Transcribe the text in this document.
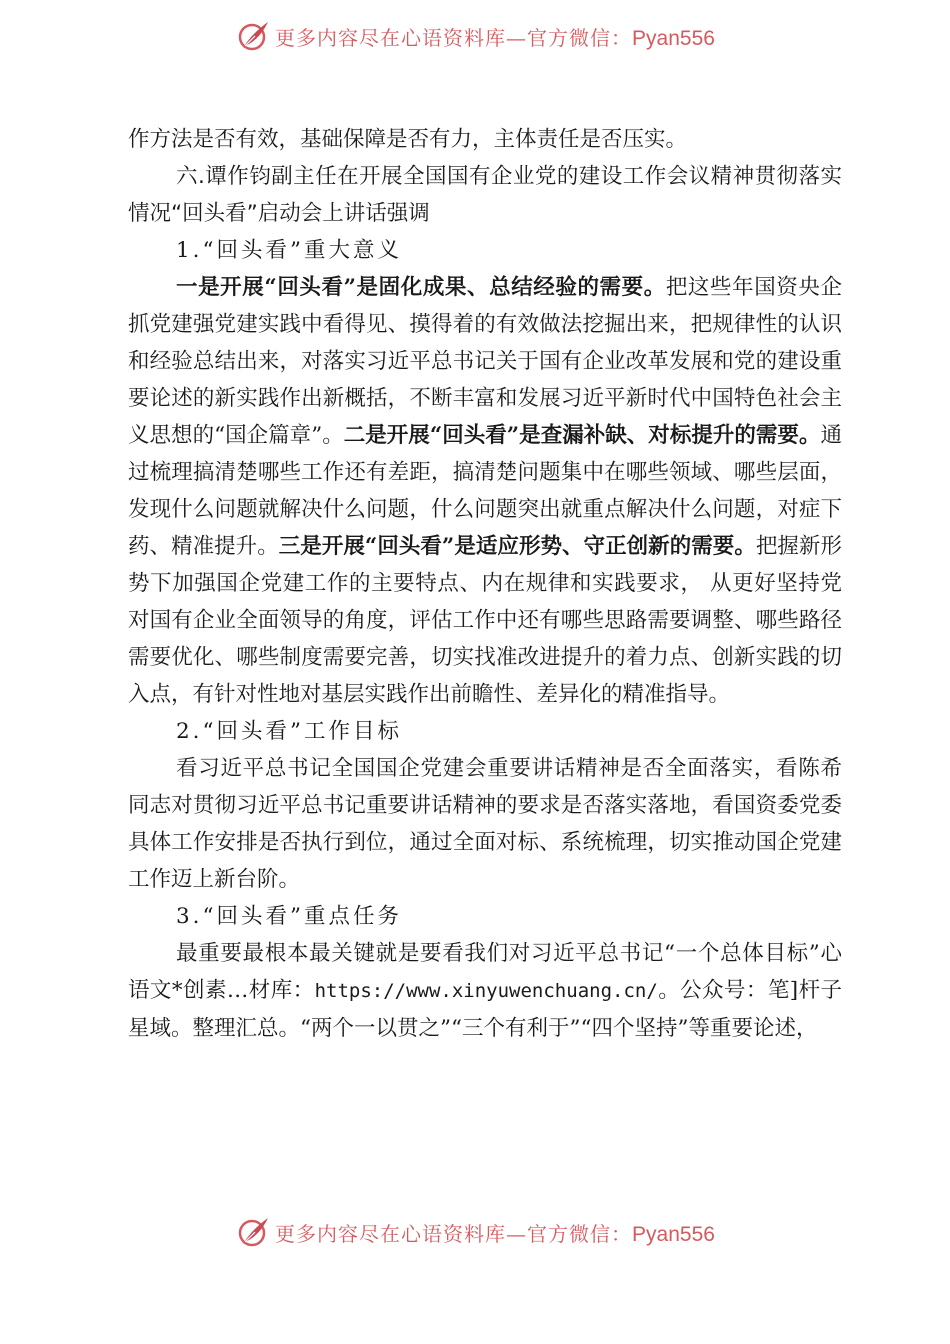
更多内容尽在心语资料库—官方微信：Pyan556

作方法是否有效，基础保障是否有力，主体责任是否压实。

六.谭作钧副主任在开展全国国有企业党的建设工作会议精神贯彻落实情况“回头看”启动会上讲话强调

1.“回头看”重大意义

一是开展“回头看”是固化成果、总结经验的需要。把这些年国资央企抓党建强党建实践中看得见、摸得着的有效做法挖掘出来，把规律性的认识和经验总结出来，对落实习近平总书记关于国有企业改革发展和党的建设重要论述的新实践作出新概括，不断丰富和发展习近平新时代中国特色社会主义思想的“国企篇章”。二是开展“回头看”是查漏补缺、对标提升的需要。通过梳理搞清楚哪些工作还有差距，搞清楚问题集中在哪些领域、哪些层面，发现什么问题就解决什么问题，什么问题突出就重点解决什么问题，对症下药、精准提升。三是开展“回头看”是适应形势、守正创新的需要。把握新形势下加强国企党建工作的主要特点、内在规律和实践要求， 从更好坚持党对国有企业全面领导的角度，评估工作中还有哪些思路需要调整、哪些路径需要优化、哪些制度需要完善，切实找准改进提升的着力点、创新实践的切入点，有针对性地对基层实践作出前瞻性、差异化的精准指导。

2.“回头看”工作目标

看习近平总书记全国国企党建会重要讲话精神是否全面落实，看陈希同志对贯彻习近平总书记重要讲话精神的要求是否落实落地，看国资委党委具体工作安排是否执行到位，通过全面对标、系统梳理，切实推动国企党建工作迈上新台阶。

3.“回头看”重点任务

最重要最根本最关键就是要看我们对习近平总书记“一个总体目标”心语文*创素…材库：https://www.xinyuwenchuang.cn/。公众号：笔]杆子星域。整理汇总。“两个一以贯之”“三个有利于”“四个坚持”等重要论述，

更多内容尽在心语资料库—官方微信：Pyan556
